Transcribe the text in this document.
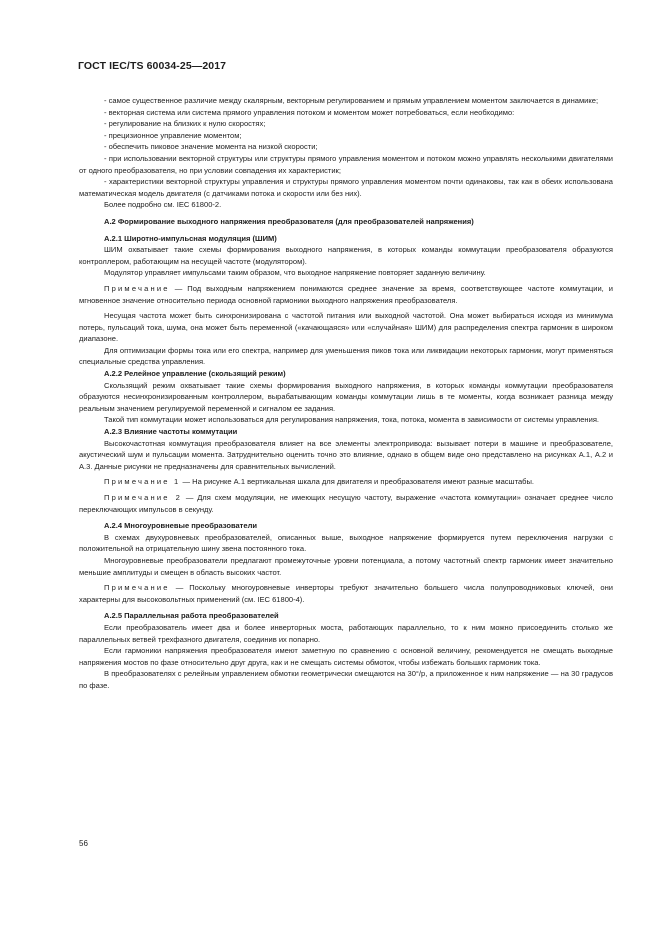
ГОСТ IEC/TS 60034-25—2017

- самое существенное различие между скалярным, векторным регулированием и прямым управлением моментом заключается в динамике;

- векторная система или система прямого управления потоком и моментом может потребоваться, если необходимо:

- регулирование на близких к нулю скоростях;

- прецизионное управление моментом;

- обеспечить пиковое значение момента на низкой скорости;

- при использовании векторной структуры или структуры прямого управления моментом и потоком можно управлять несколькими двигателями от одного преобразователя, но при условии совпадения их характеристик;

- характеристики векторной структуры управления и структуры прямого управления моментом почти одинаковы, так как в обеих использована математическая модель двигателя (с датчиками потока и скорости или без них).

Более подробно см. IEC 61800-2.

А.2 Формирование выходного напряжения преобразователя (для преобразователей напряжения)

А.2.1 Широтно-импульсная модуляция (ШИМ)

ШИМ охватывает такие схемы формирования выходного напряжения, в которых команды коммутации преобразователя образуются контроллером, работающим на несущей частоте (модулятором).

Модулятор управляет импульсами таким образом, что выходное напряжение повторяет заданную величину.

Примечание — Под выходным напряжением понимаются среднее значение за время, соответствующее частоте коммутации, и мгновенное значение относительно периода основной гармоники выходного напряжения преобразователя.

Несущая частота может быть синхронизирована с частотой питания или выходной частотой. Она может выбираться исходя из минимума потерь, пульсаций тока, шума, она может быть переменной («качающаяся» или «случайная» ШИМ) для распределения спектра гармоник в широком диапазоне.

Для оптимизации формы тока или его спектра, например для уменьшения пиков тока или ликвидации некоторых гармоник, могут применяться специальные средства управления.

А.2.2 Релейное управление (скользящий режим)

Скользящий режим охватывает такие схемы формирования выходного напряжения, в которых команды коммутации преобразователя образуются несинхронизированным контроллером, вырабатывающим команды коммутации лишь в те моменты, когда возникает разница между реальным значением регулируемой переменной и сигналом ее задания.

Такой тип коммутации может использоваться для регулирования напряжения, тока, потока, момента в зависимости от системы управления.

А.2.3 Влияние частоты коммутации

Высокочастотная коммутация преобразователя влияет на все элементы электропривода: вызывает потери в машине и преобразователе, акустический шум и пульсации момента. Затруднительно оценить точно это влияние, однако в общем виде оно представлено на рисунках А.1, А.2 и А.3. Данные рисунки не предназначены для сравнительных вычислений.

Примечание 1 — На рисунке А.1 вертикальная шкала для двигателя и преобразователя имеют разные масштабы.

Примечание 2 — Для схем модуляции, не имеющих несущую частоту, выражение «частота коммутации» означает среднее число переключающих импульсов в секунду.

А.2.4 Многоуровневые преобразователи

В схемах двухуровневых преобразователей, описанных выше, выходное напряжение формируется путем переключения нагрузки с положительной на отрицательную шину звена постоянного тока.

Многоуровневые преобразователи предлагают промежуточные уровни потенциала, а потому частотный спектр гармоник имеет значительно меньшие амплитуды и смещен в область высоких частот.

Примечание — Поскольку многоуровневые инверторы требуют значительно большего числа полупроводниковых ключей, они характерны для высоковольтных применений (см. IEC 61800-4).

А.2.5 Параллельная работа преобразователей

Если преобразователь имеет два и более инверторных моста, работающих параллельно, то к ним можно присоединить столько же параллельных ветвей трехфазного двигателя, соединив их попарно.

Если гармоники напряжения преобразователя имеют заметную по сравнению с основной величину, рекомендуется не смещать выходные напряжения мостов по фазе относительно друг друга, как и не смещать системы обмоток, чтобы избежать больших гармоник тока.

В преобразователях с релейным управлением обмотки геометрически смещаются на 30°/р, а приложенное к ним напряжение — на 30 градусов по фазе.

56
